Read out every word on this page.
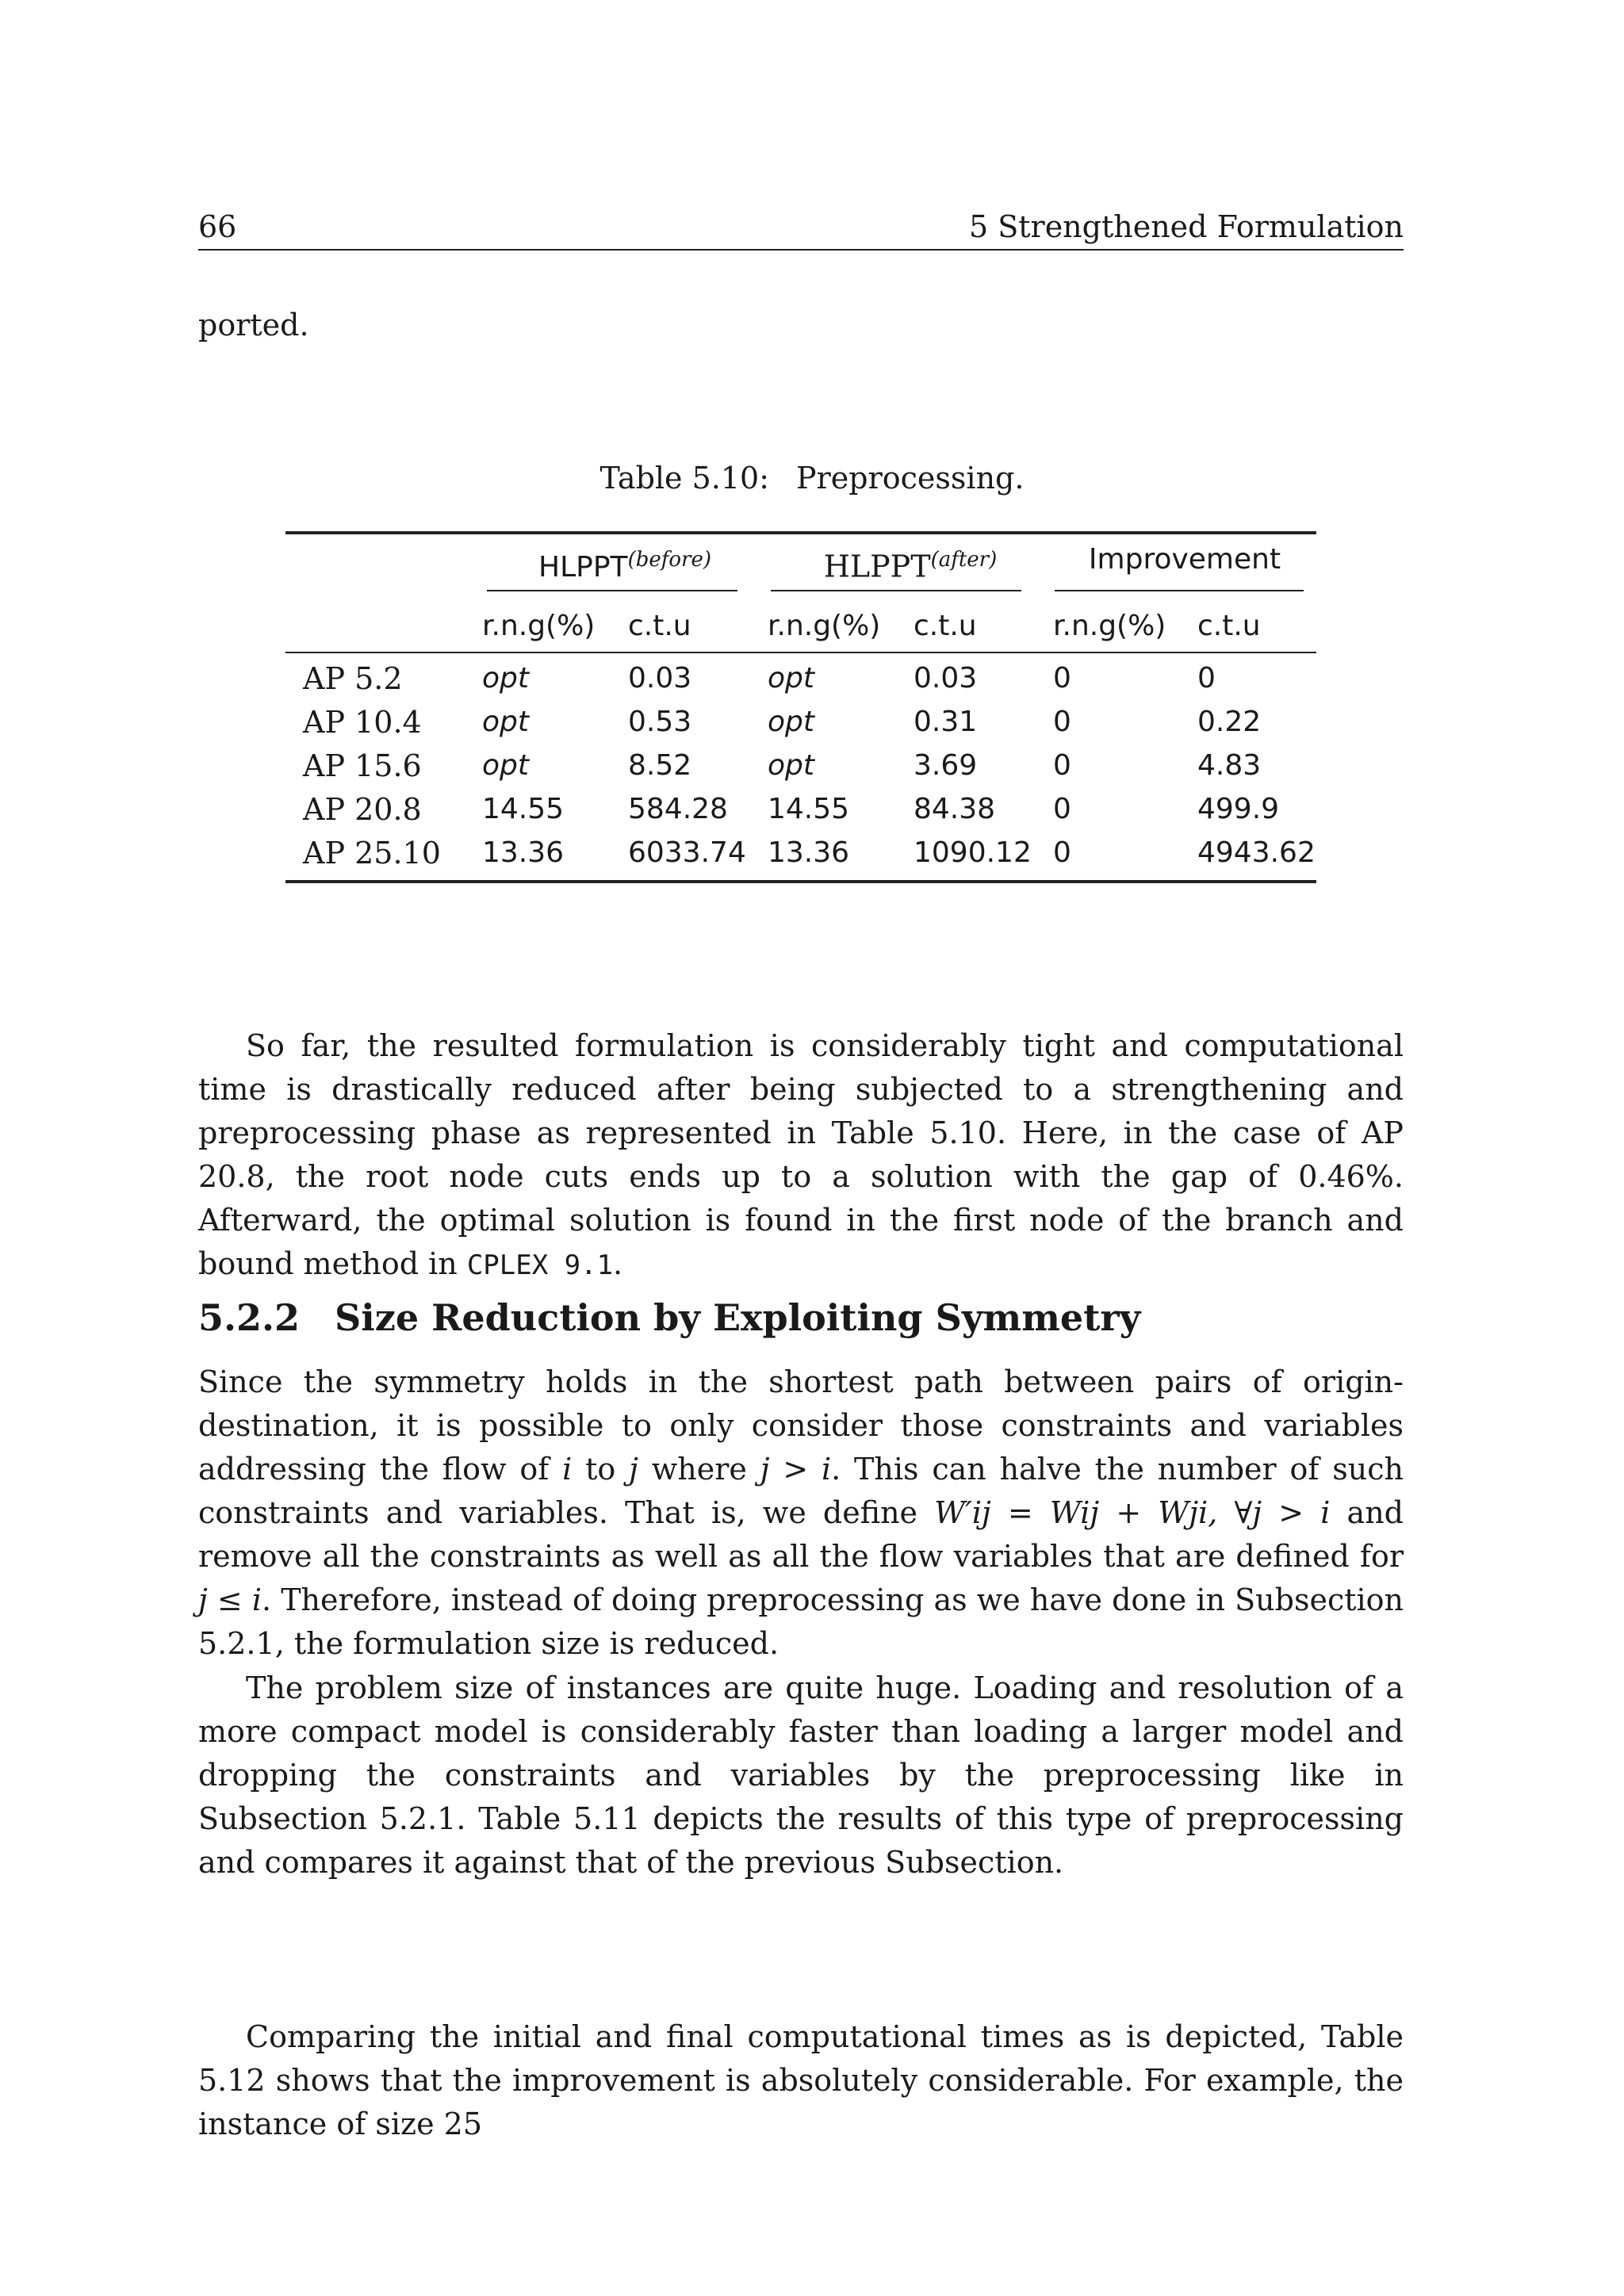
66	5 Strengthened Formulation
ported.
Table 5.10: Preprocessing.
$HLPPT^{(before)}$	$HLPPT^{(after)}$	Improvement
	r.n.g(%)	c.t.u	r.n.g(%)	c.t.u	r.n.g(%)	c.t.u
AP 5.2	opt	0.03	opt	0.03	0	0
AP 10.4	opt	0.53	opt	0.31	0	0.22
AP 15.6	opt	8.52	opt	3.69	0	4.83
AP 20.8	14.55	584.28	14.55	84.38	0	499.9
AP 25.10	13.36	6033.74	13.36	1090.12	0	4943.62

So far, the resulted formulation is considerably tight and computational time is drastically reduced after being subjected to a strengthening and preprocessing phase as represented in Table 5.10. Here, in the case of AP 20.8, the root node cuts ends up to a solution with the gap of 0.46%. Afterward, the optimal solution is found in the first node of the branch and bound method in CPLEX 9.1.

5.2.2 Size Reduction by Exploiting Symmetry

Since the symmetry holds in the shortest path between pairs of origin-destination, it is possible to only consider those constraints and variables addressing the flow of i to j where j > i. This can halve the number of such constraints and variables. That is, we define W′ij = Wij + Wji, ∀j > i and remove all the constraints as well as all the flow variables that are defined for j ≤ i. Therefore, instead of doing preprocessing as we have done in Subsection 5.2.1, the formulation size is reduced.

The problem size of instances are quite huge. Loading and resolution of a more compact model is considerably faster than loading a larger model and dropping the constraints and variables by the preprocessing like in Subsection 5.2.1. Table 5.11 depicts the results of this type of preprocessing and compares it against that of the previous Subsection.

Comparing the initial and final computational times as is depicted, Table 5.12 shows that the improvement is absolutely considerable. For example, the instance of size 25
